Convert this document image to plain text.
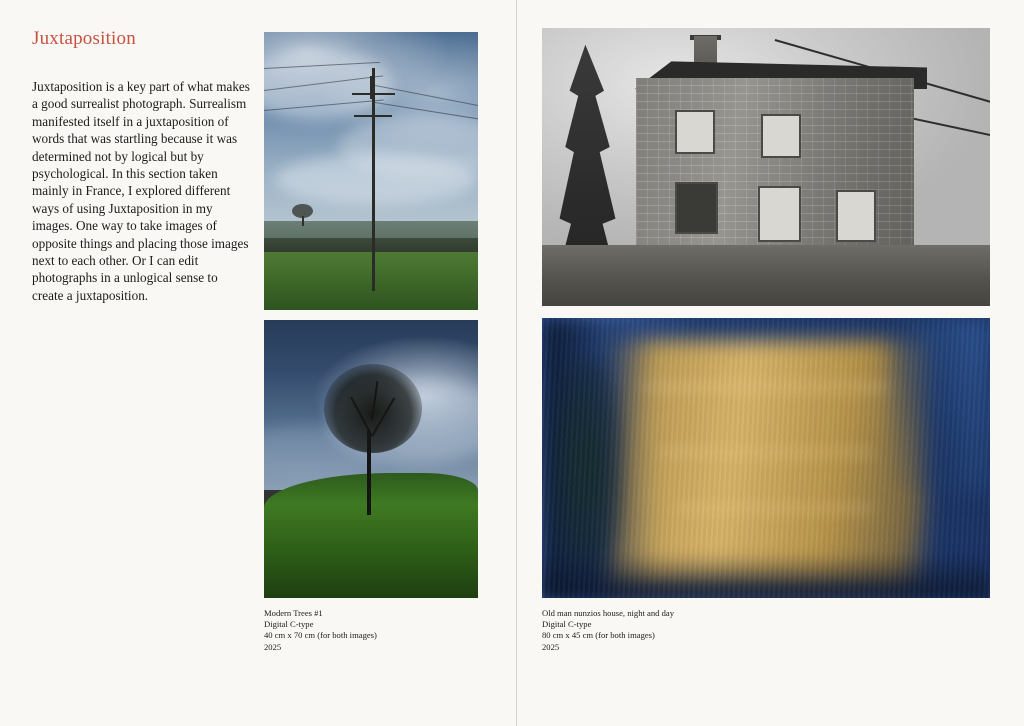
Juxtaposition

Juxtaposition is a key part of what makes a good surrealist photograph. Surrealism manifested itself in a juxtaposition of words that was startling because it was determined not by logical but by psychological. In this section taken mainly in France, I explored different ways of using Juxtaposition in my images. One way to take images of opposite things and placing those images next to each other. Or I can edit photographs in a unlogical sense to create a juxtaposition.

Modern Trees #1
Digital C-type
40 cm x 70 cm (for both images)
2025
Old man nunzios house, night and day
Digital C-type
80 cm x 45 cm (for both images)
2025
